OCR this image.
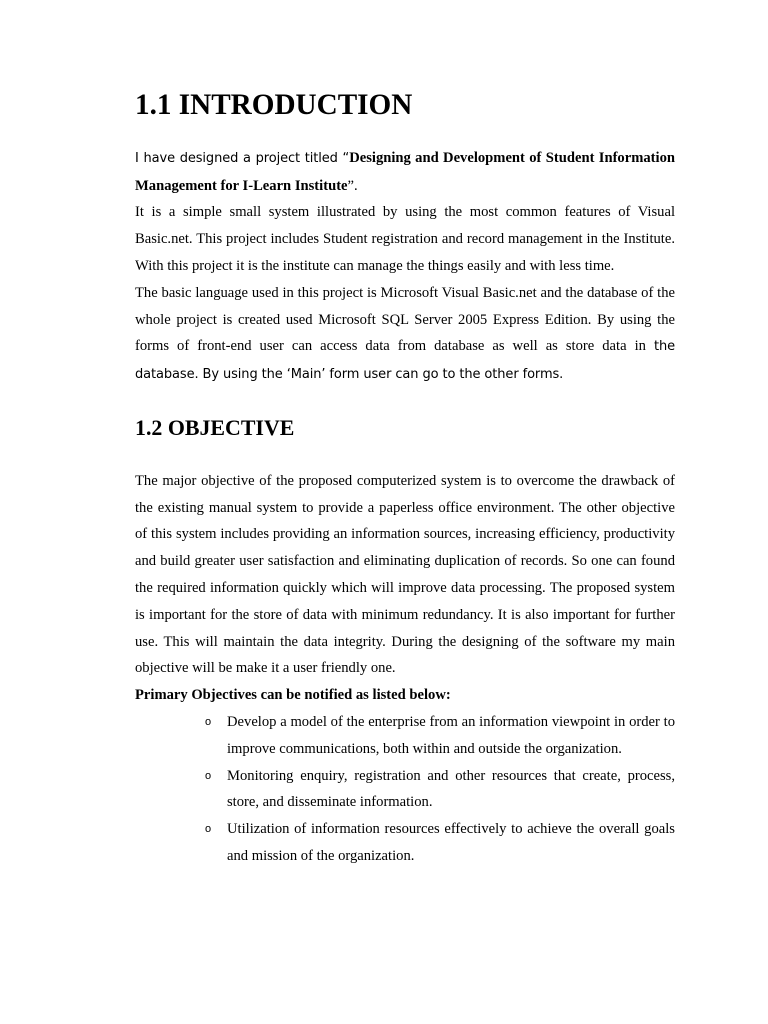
1.1 INTRODUCTION

I have designed a project titled “Designing and Development of Student Information Management for I-Learn Institute”.

It is a simple small system illustrated by using the most common features of Visual Basic.net. This project includes Student registration and record management in the Institute. With this project it is the institute can manage the things easily and with less time.

The basic language used in this project is Microsoft Visual Basic.net and the database of the whole project is created used Microsoft SQL Server 2005 Express Edition. By using the forms of front-end user can access data from database as well as store data in the database. By using the ‘Main’ form user can go to the other forms.

1.2 OBJECTIVE

The major objective of the proposed computerized system is to overcome the drawback of the existing manual system to provide a paperless office environment. The other objective of this system includes providing an information sources, increasing efficiency, productivity and build greater user satisfaction and eliminating duplication of records. So one can found the required information quickly which will improve data processing. The proposed system is important for the store of data with minimum redundancy. It is also important for further use. This will maintain the data integrity. During the designing of the software my main objective will be make it a user friendly one.

Primary Objectives can be notified as listed below:

o Develop a model of the enterprise from an information viewpoint in order to improve communications, both within and outside the organization.
o Monitoring enquiry, registration and other resources that create, process, store, and disseminate information.
o Utilization of information resources effectively to achieve the overall goals and mission of the organization.
